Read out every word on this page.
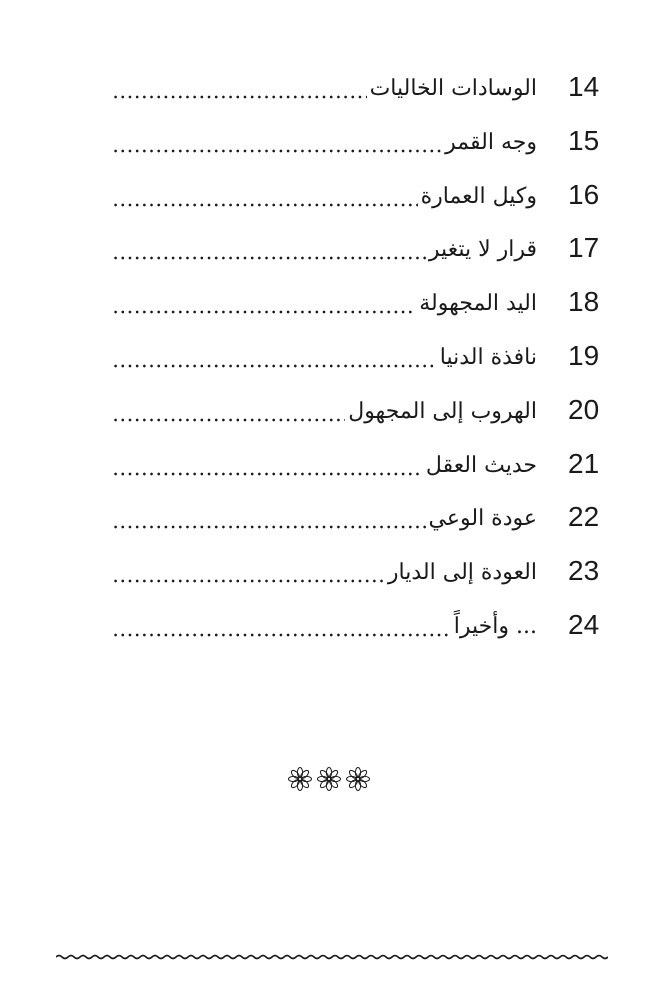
14
الوسادات الخاليات
15
وجه القمر
16
وكيل العمارة
17
قرار لا يتغير
18
اليد المجهولة
19
نافذة الدنيا
20
الهروب إلى المجهول
21
حديث العقل
22
عودة الوعي
23
العودة إلى الديار
24
... وأخيراً
